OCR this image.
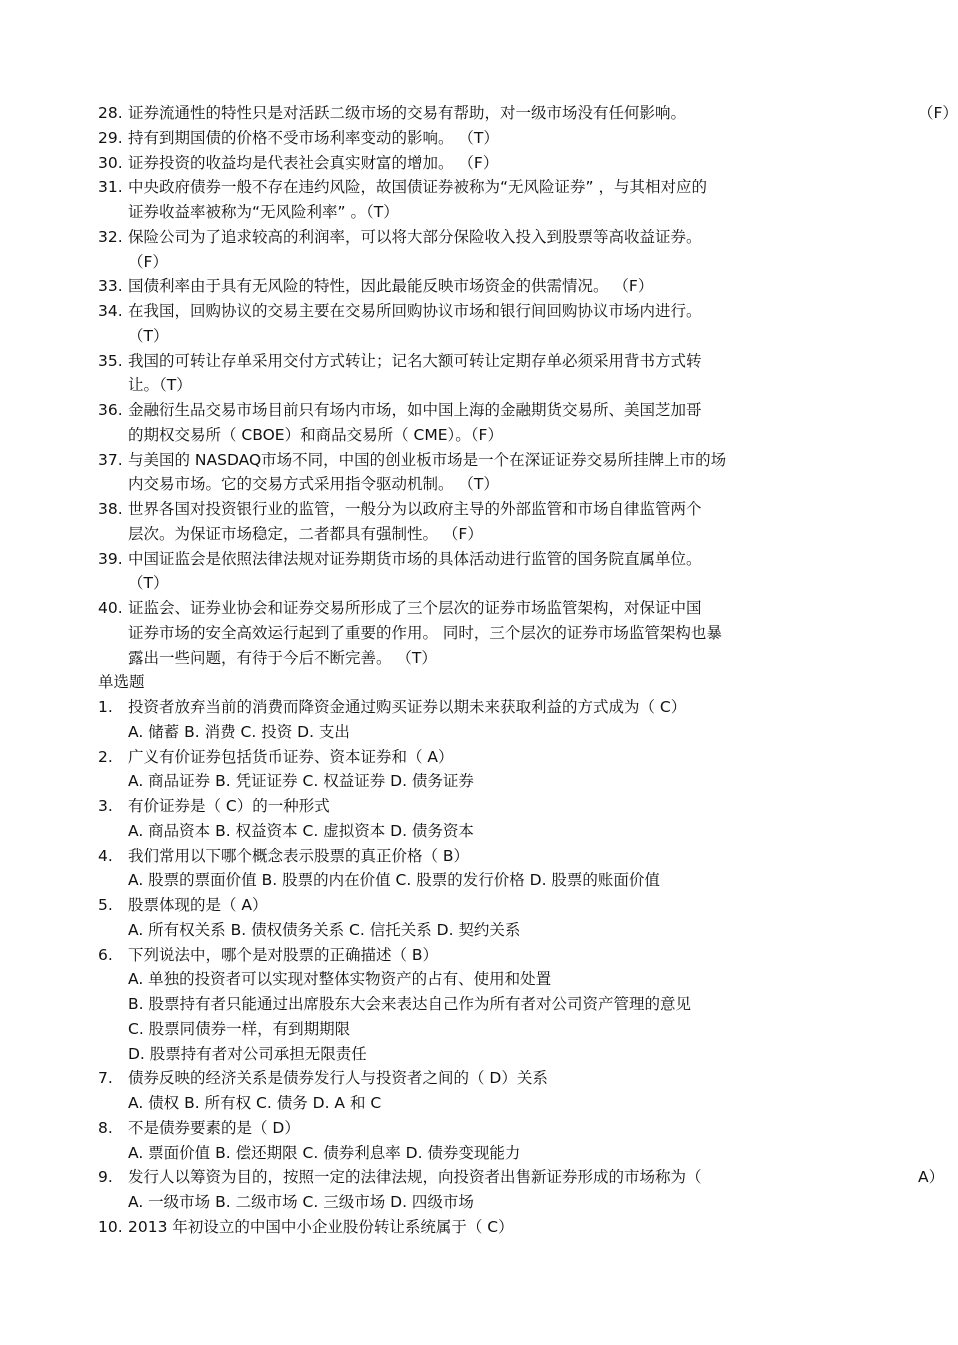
28. 证券流通性的特性只是对活跃二级市场的交易有帮助，对一级市场没有任何影响。	（F）
29. 持有到期国债的价格不受市场利率变动的影响。 （T）
30. 证券投资的收益均是代表社会真实财富的增加。 （F）
31. 中央政府债券一般不存在违约风险，故国债证券被称为“无风险证券” ，与其相对应的
证券收益率被称为“无风险利率” 。（T）
32. 保险公司为了追求较高的利润率，可以将大部分保险收入投入到股票等高收益证券。
（F）
33. 国债利率由于具有无风险的特性，因此最能反映市场资金的供需情况。 （F）
34. 在我国，回购协议的交易主要在交易所回购协议市场和银行间回购协议市场内进行。
（T）
35. 我国的可转让存单采用交付方式转让；记名大额可转让定期存单必须采用背书方式转
让。（T）
36. 金融衍生品交易市场目前只有场内市场，如中国上海的金融期货交易所、美国芝加哥
的期权交易所（ CBOE）和商品交易所（ CME）。（F）
37. 与美国的 NASDAQ市场不同，中国的创业板市场是一个在深证证券交易所挂牌上市的场
内交易市场。它的交易方式采用指令驱动机制。 （T）
38. 世界各国对投资银行业的监管，一般分为以政府主导的外部监管和市场自律监管两个
层次。为保证市场稳定，二者都具有强制性。 （F）
39. 中国证监会是依照法律法规对证券期货市场的具体活动进行监管的国务院直属单位。
（T）
40. 证监会、证券业协会和证券交易所形成了三个层次的证券市场监管架构，对保证中国
证券市场的安全高效运行起到了重要的作用。 同时，三个层次的证券市场监管架构也暴
露出一些问题，有待于今后不断完善。 （T）
单选题
1. 投资者放弃当前的消费而降资金通过购买证券以期未来获取利益的方式成为（ C）
A. 储蓄 B. 消费 C. 投资 D. 支出
2. 广义有价证券包括货币证券、资本证券和（ A）
A. 商品证券 B. 凭证证券 C. 权益证券 D. 债务证券
3. 有价证券是（ C）的一种形式
A. 商品资本 B. 权益资本 C. 虚拟资本 D. 债务资本
4. 我们常用以下哪个概念表示股票的真正价格（ B）
A. 股票的票面价值 B. 股票的内在价值 C. 股票的发行价格 D. 股票的账面价值
5. 股票体现的是（ A）
A. 所有权关系 B. 债权债务关系 C. 信托关系 D. 契约关系
6. 下列说法中，哪个是对股票的正确描述（ B）
A. 单独的投资者可以实现对整体实物资产的占有、使用和处置
B. 股票持有者只能通过出席股东大会来表达自己作为所有者对公司资产管理的意见
C. 股票同债券一样，有到期期限
D. 股票持有者对公司承担无限责任
7. 债券反映的经济关系是债券发行人与投资者之间的（ D）关系
A. 债权 B. 所有权 C. 债务 D. A 和 C
8. 不是债券要素的是（ D）
A. 票面价值 B. 偿还期限 C. 债券利息率 D. 债券变现能力
9. 发行人以筹资为目的，按照一定的法律法规，向投资者出售新证券形成的市场称为（	A）
A. 一级市场 B. 二级市场 C. 三级市场 D. 四级市场
10. 2013 年初设立的中国中小企业股份转让系统属于（ C）
